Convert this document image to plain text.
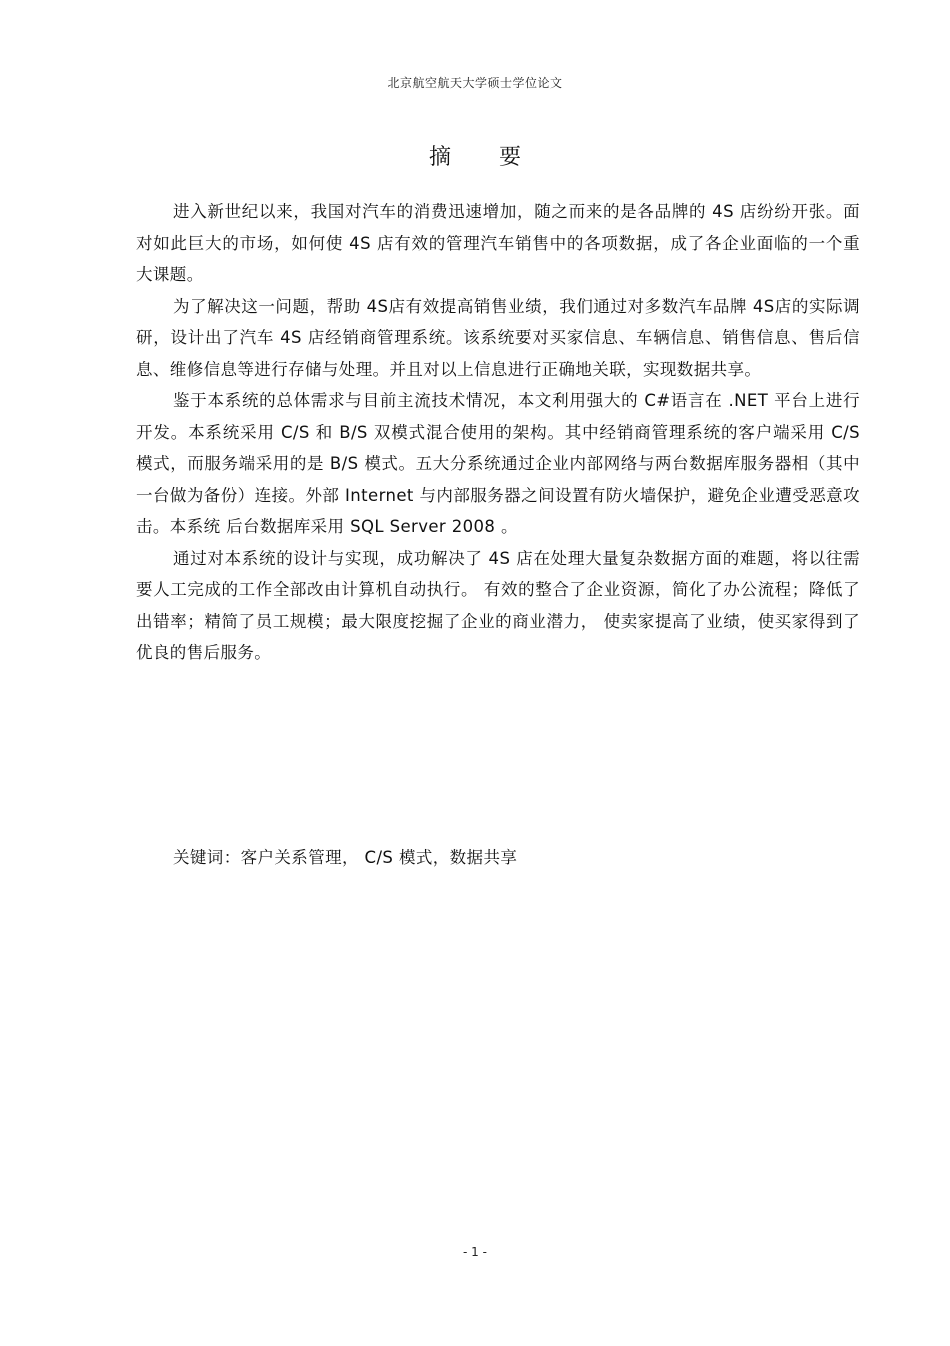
北京航空航天大学硕士学位论文
摘要

进入新世纪以来，我国对汽车的消费迅速增加，随之而来的是各品牌的 4S 店纷纷开张。面对如此巨大的市场，如何使 4S 店有效的管理汽车销售中的各项数据，成了各企业面临的一个重大课题。

为了解决这一问题，帮助 4S店有效提高销售业绩，我们通过对多数汽车品牌 4S店的实际调研，设计出了汽车 4S 店经销商管理系统。该系统要对买家信息、车辆信息、销售信息、售后信息、维修信息等进行存储与处理。并且对以上信息进行正确地关联，实现数据共享。

鉴于本系统的总体需求与目前主流技术情况，本文利用强大的 C#语言在 .NET 平台上进行开发。本系统采用 C/S 和 B/S 双模式混合使用的架构。其中经销商管理系统的客户端采用 C/S 模式，而服务端采用的是 B/S 模式。五大分系统通过企业内部网络与两台数据库服务器相（其中一台做为备份）连接。外部 Internet 与内部服务器之间设置有防火墙保护，避免企业遭受恶意攻击。本系统 后台数据库采用 SQL Server 2008 。

通过对本系统的设计与实现，成功解决了 4S 店在处理大量复杂数据方面的难题，将以往需要人工完成的工作全部改由计算机自动执行。 有效的整合了企业资源，简化了办公流程；降低了出错率；精简了员工规模；最大限度挖掘了企业的商业潜力， 使卖家提高了业绩，使买家得到了优良的售后服务。

关键词：客户关系管理， C/S 模式，数据共享
- 1 -
